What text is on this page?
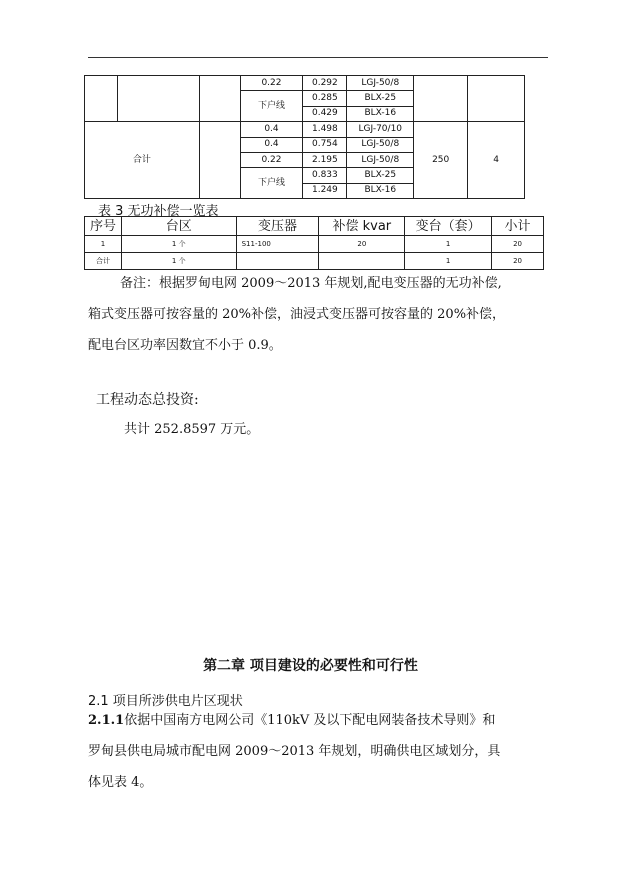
			0.22	0.292	LGJ-50/8		
			下户线	0.285	BLX-25		
				0.429	BLX-16		
合计			0.4	1.498	LGJ-70/10	250	4
			0.4	0.754	LGJ-50/8		
			0.22	2.195	LGJ-50/8		
			下户线	0.833	BLX-25		
				1.249	BLX-16		
表 3 无功补偿一览表
序号	台区	变压器	补偿 kvar	变台（套）	小计
1	1 个	S11-100	20	1	20
合计	1 个			1	20
备注：根据罗甸电网 2009～2013 年规划,配电变压器的无功补偿,
箱式变压器可按容量的 20%补偿，油浸式变压器可按容量的 20%补偿，
配电台区功率因数宜不小于 0.9。
工程动态总投资:
共计 252.8597 万元。
第二章 项目建设的必要性和可行性
2.1 项目所涉供电片区现状
2.1.1依据中国南方电网公司《110kV 及以下配电网装备技术导则》和
罗甸县供电局城市配电网 2009～2013 年规划，明确供电区域划分，具
体见表 4。
